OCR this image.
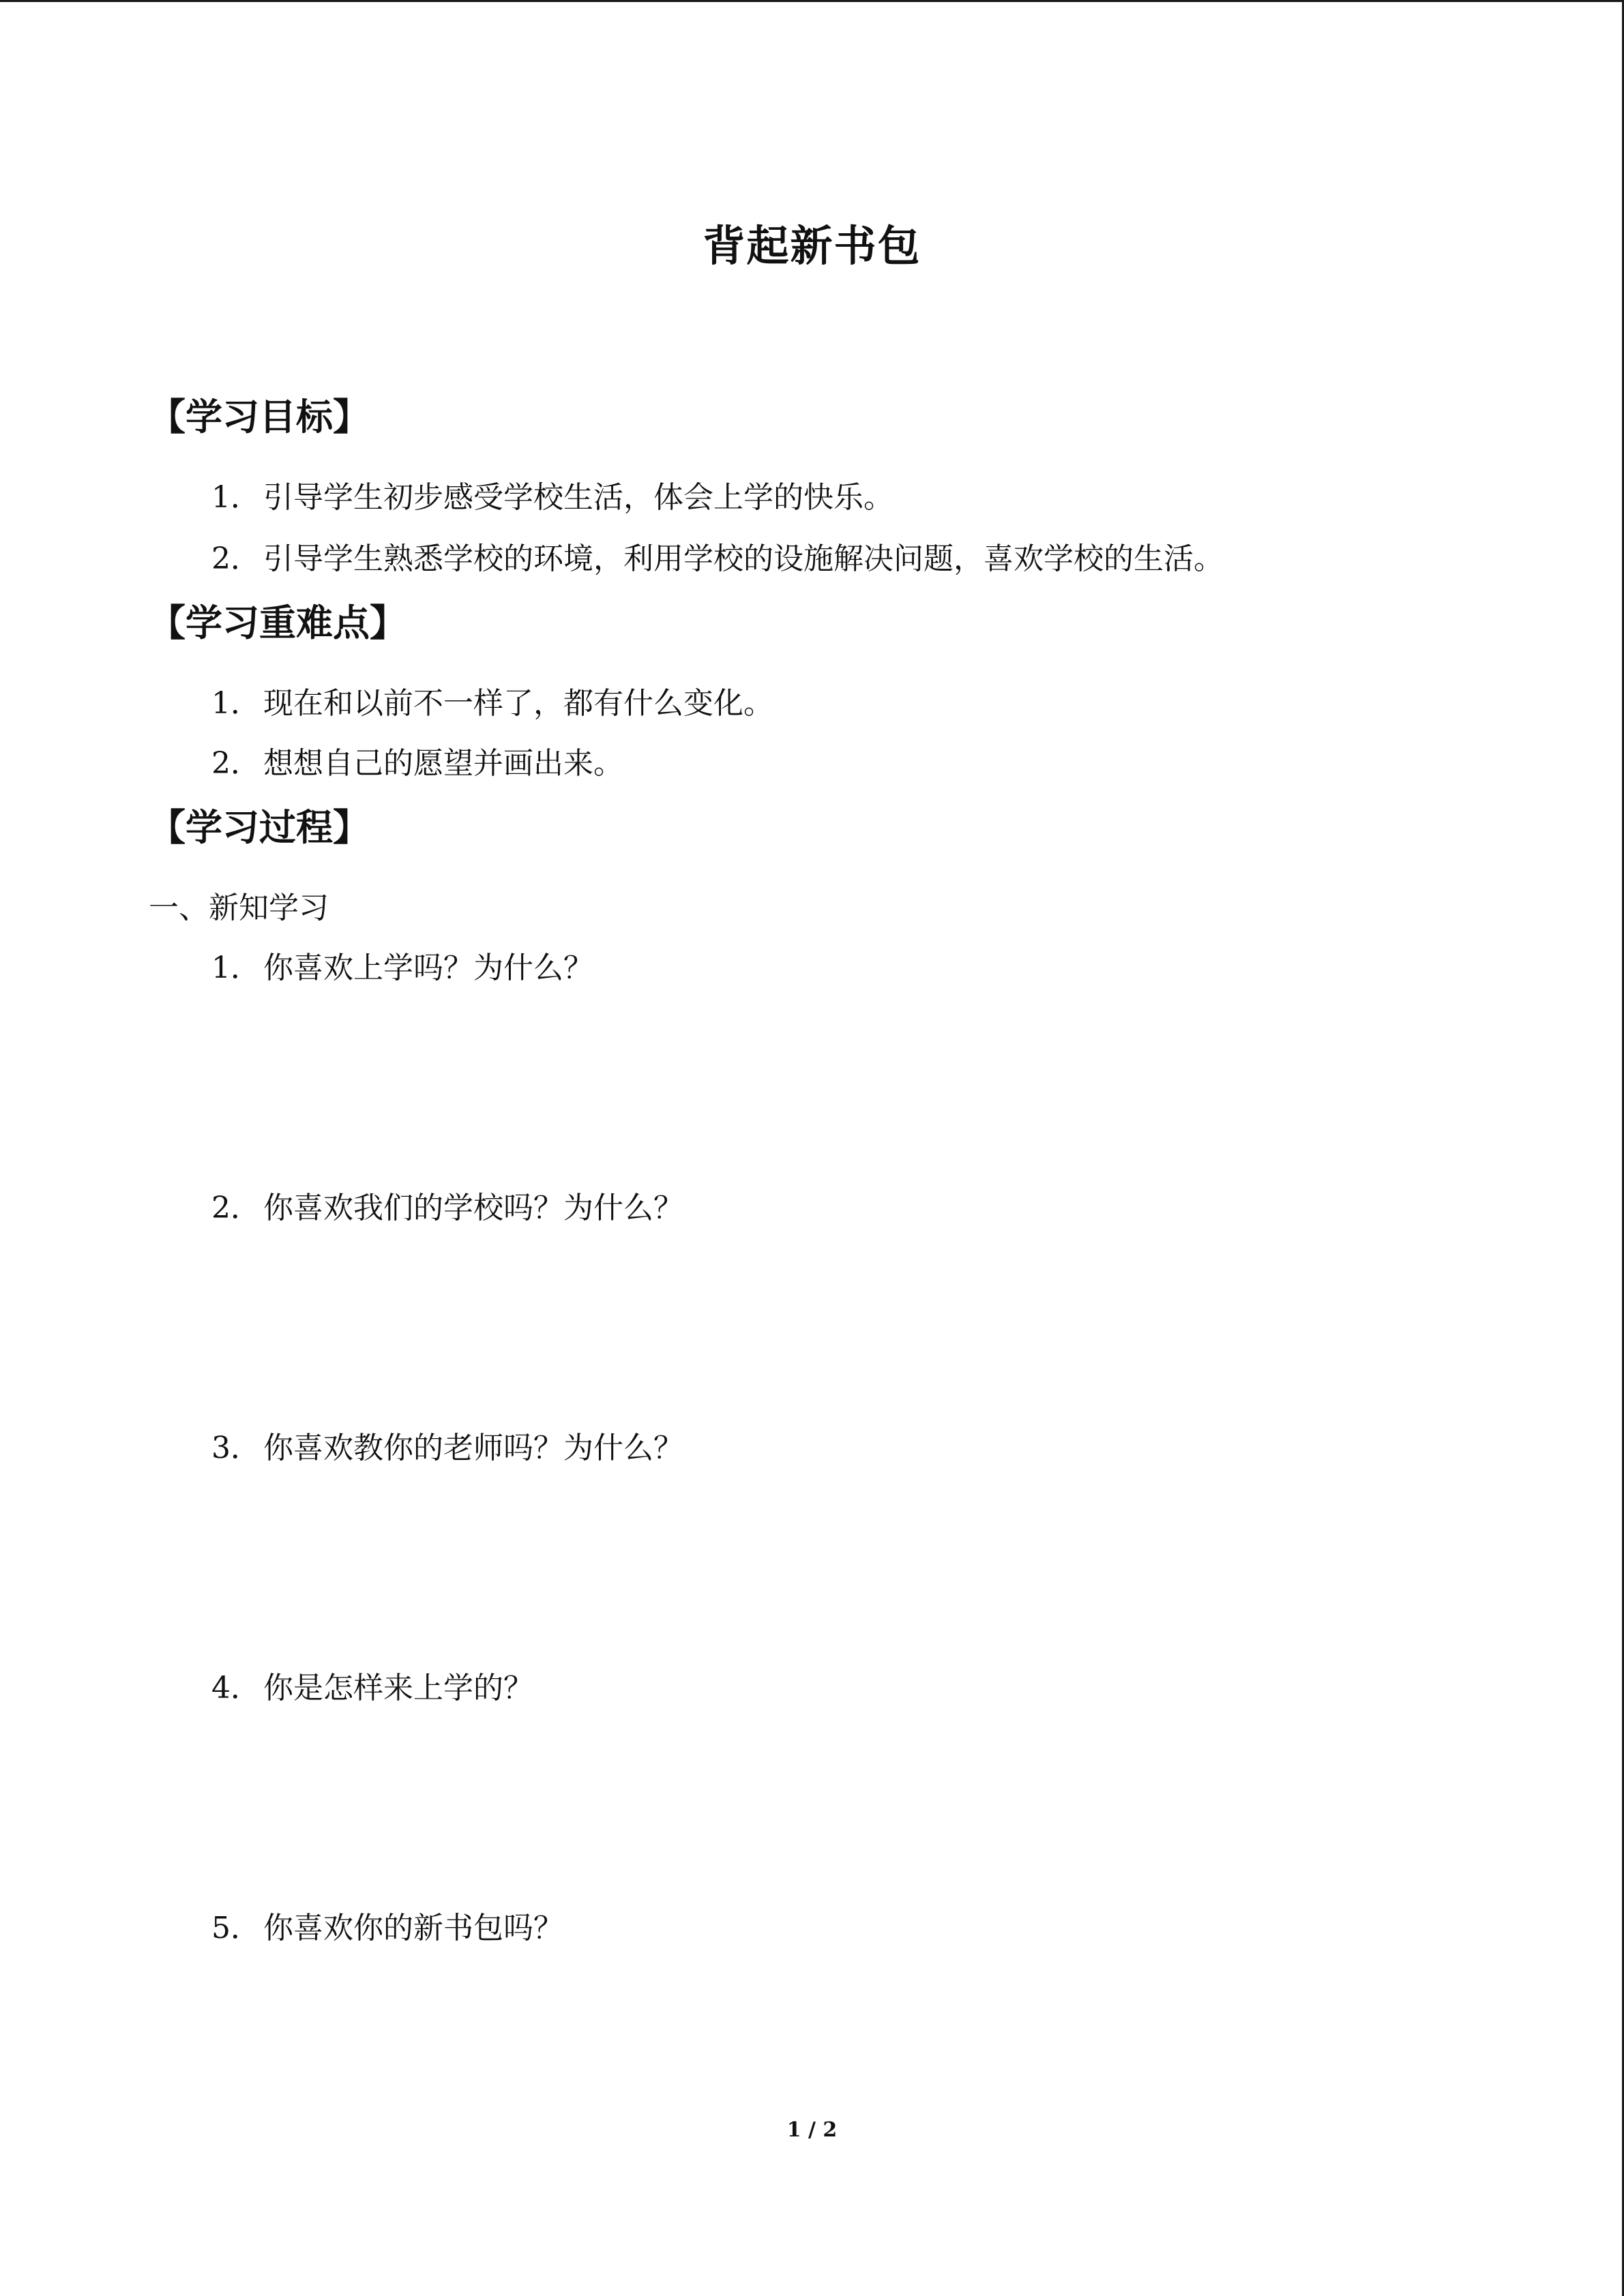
背起新书包
【学习目标】
1．引导学生初步感受学校生活，体会上学的快乐。
2．引导学生熟悉学校的环境，利用学校的设施解决问题，喜欢学校的生活。
【学习重难点】
1．现在和以前不一样了，都有什么变化。
2．想想自己的愿望并画出来。
【学习过程】
一、新知学习
1．你喜欢上学吗？为什么？
2．你喜欢我们的学校吗？为什么？
3．你喜欢教你的老师吗？为什么？
4．你是怎样来上学的？
5．你喜欢你的新书包吗？
1 / 2
